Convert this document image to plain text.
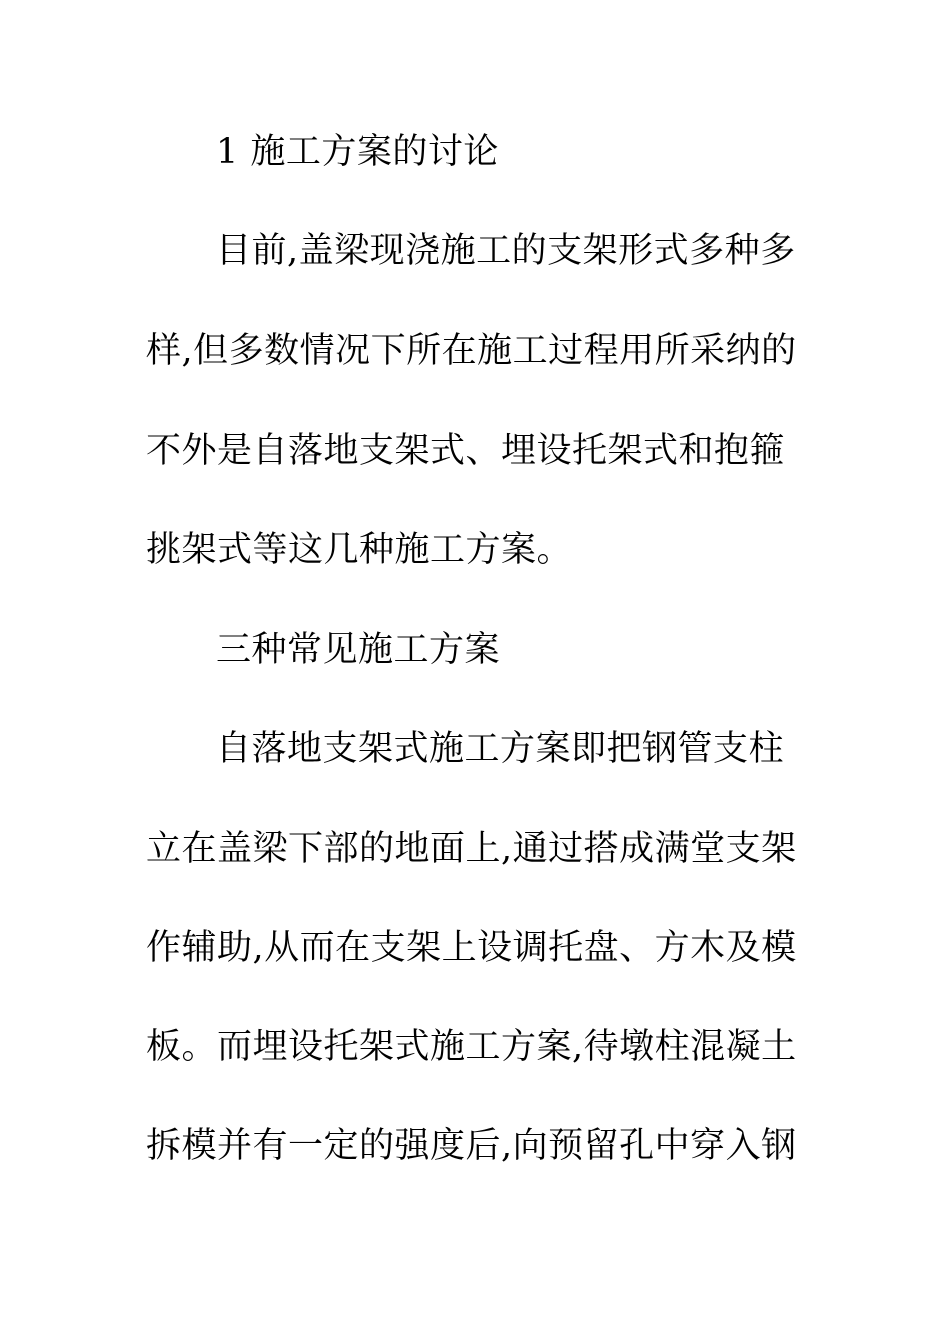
1 施工方案的讨论
目前,盖梁现浇施工的支架形式多种多
样,但多数情况下所在施工过程用所采纳的
不外是自落地支架式、埋设托架式和抱箍
挑架式等这几种施工方案。
三种常见施工方案
自落地支架式施工方案即把钢管支柱
立在盖梁下部的地面上,通过搭成满堂支架
作辅助,从而在支架上设调托盘、方木及模
板。而埋设托架式施工方案,待墩柱混凝土
拆模并有一定的强度后,向预留孔中穿入钢
